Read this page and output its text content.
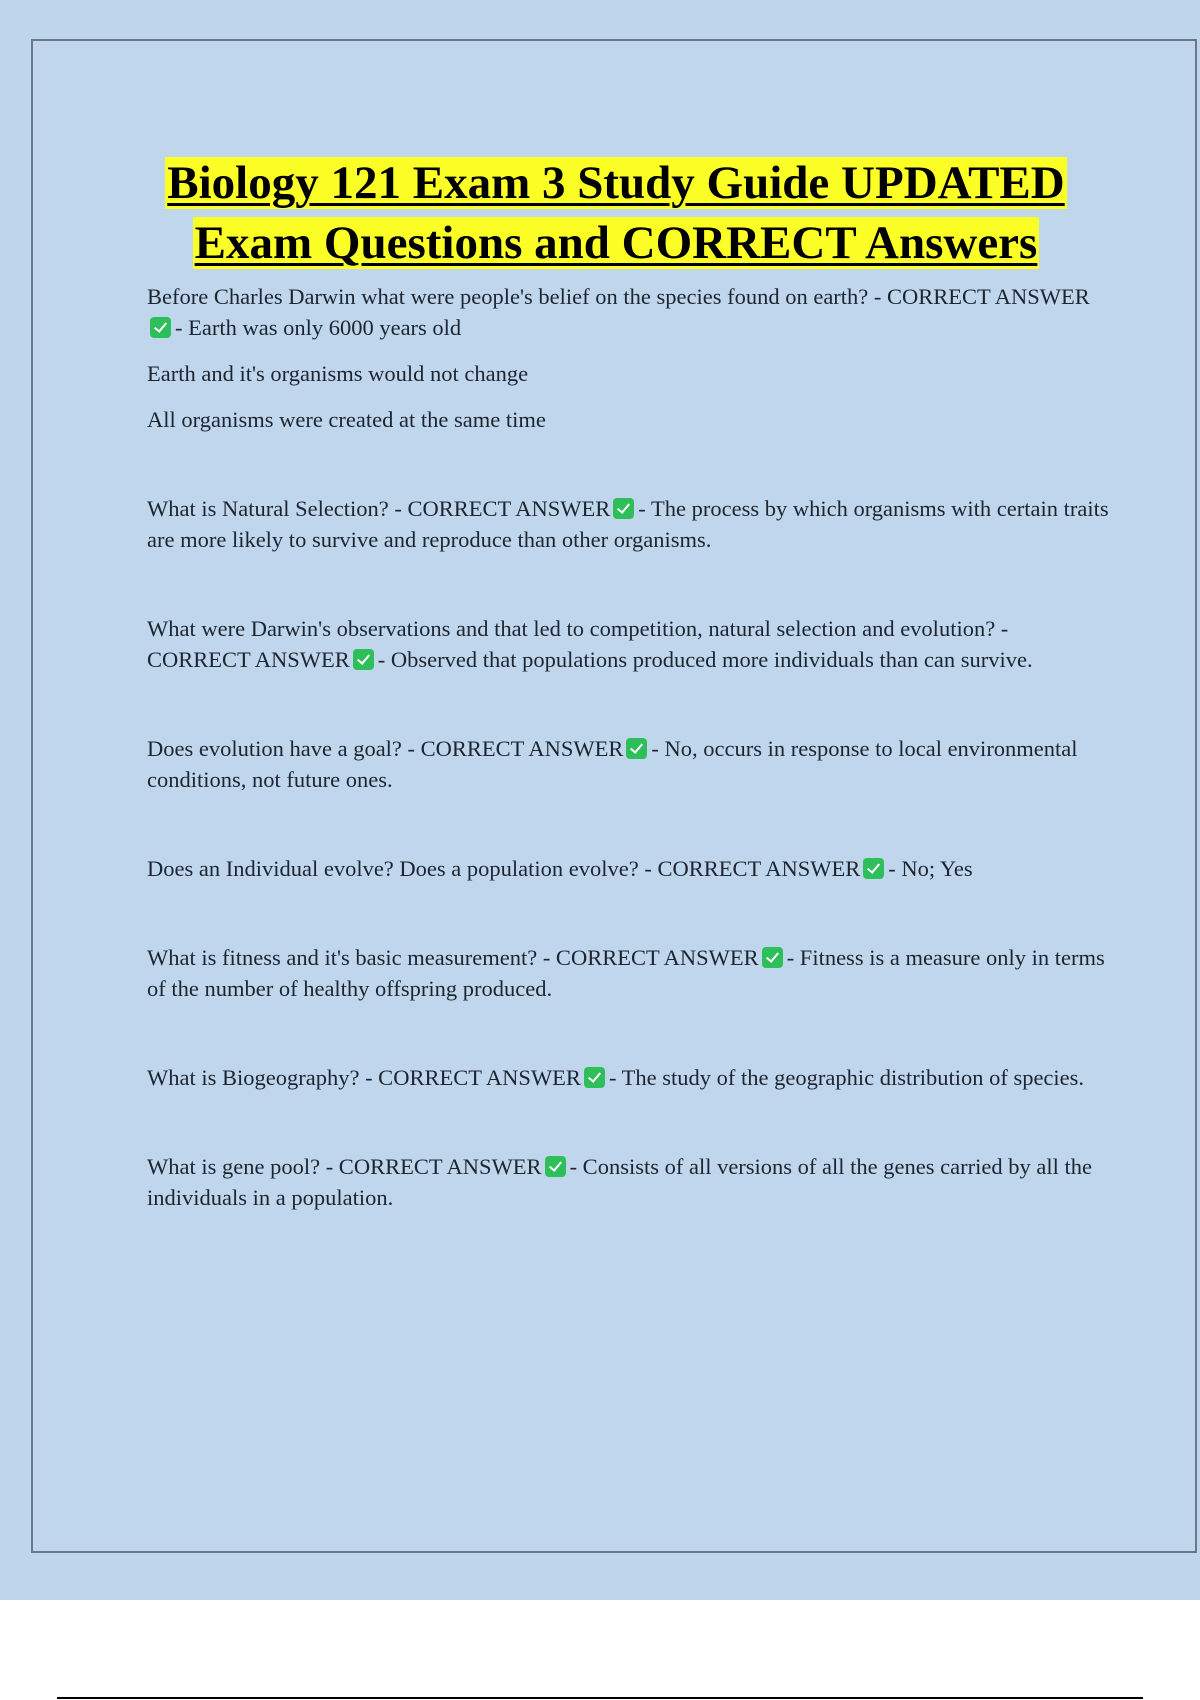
Biology 121 Exam 3 Study Guide UPDATED
Exam Questions and CORRECT Answers

Before Charles Darwin what were people's belief on the species found on earth? - CORRECT ANSWER- Earth was only 6000 years old

Earth and it's organisms would not change

All organisms were created at the same time

What is Natural Selection? - CORRECT ANSWER - The process by which organisms with certain traits are more likely to survive and reproduce than other organisms.

What were Darwin's observations and that led to competition, natural selection and evolution? - CORRECT ANSWER - Observed that populations produced more individuals than can survive.

Does evolution have a goal? - CORRECT ANSWER - No, occurs in response to local environmental conditions, not future ones.

Does an Individual evolve? Does a population evolve? - CORRECT ANSWER - No; Yes

What is fitness and it's basic measurement? - CORRECT ANSWER - Fitness is a measure only in terms of the number of healthy offspring produced.

What is Biogeography? - CORRECT ANSWER - The study of the geographic distribution of species.

What is gene pool? - CORRECT ANSWER - Consists of all versions of all the genes carried by all the individuals in a population.
